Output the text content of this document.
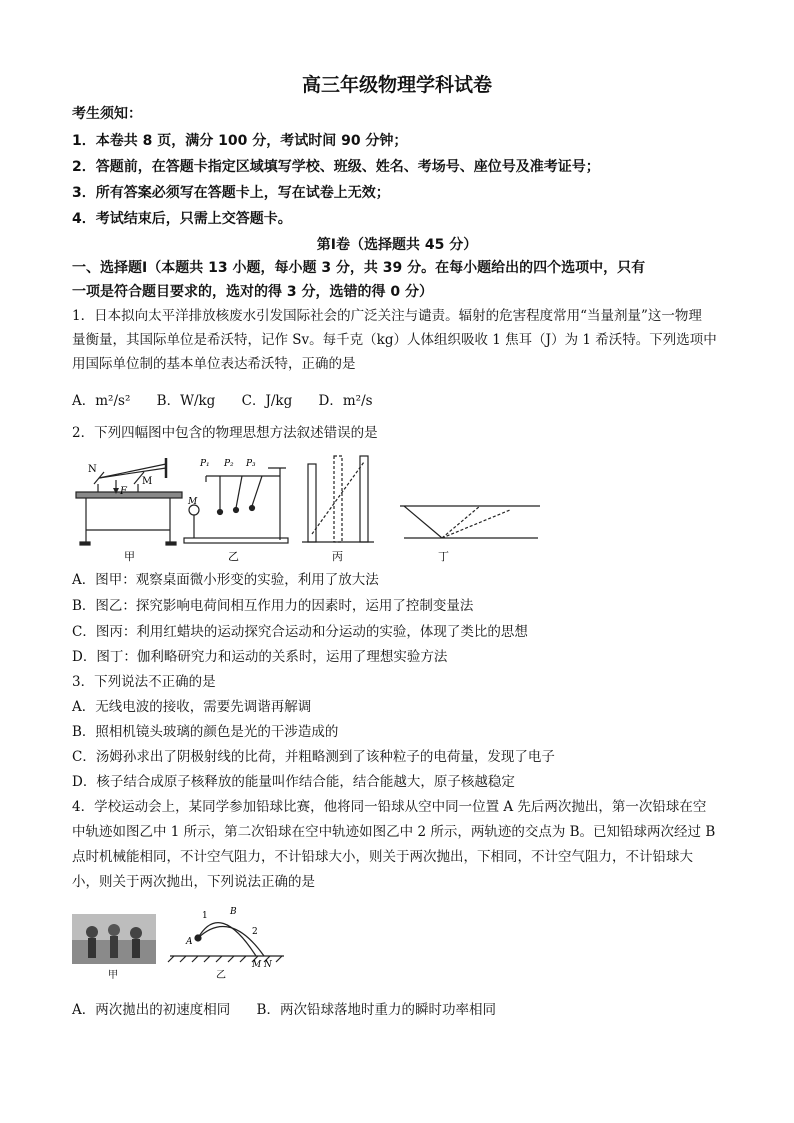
高三年级物理学科试卷
考生须知：
1．本卷共 8 页，满分 100 分，考试时间 90 分钟；
2．答题前，在答题卡指定区域填写学校、班级、姓名、考场号、座位号及准考证号；
3．所有答案必须写在答题卡上，写在试卷上无效；
4．考试结束后，只需上交答题卡。
第Ⅰ卷（选择题共 45 分）
一、选择题Ⅰ（本题共 13 小题，每小题 3 分，共 39 分。在每小题给出的四个选项中，只有
一项是符合题目要求的，选对的得 3 分，选错的得 0 分）
1．日本拟向太平洋排放核废水引发国际社会的广泛关注与谴责。辐射的危害程度常用“当量剂量”这一物理
量衡量，其国际单位是希沃特，记作 Sv。每千克（kg）人体组织吸收 1 焦耳（J）为 1 希沃特。下列选项中
用国际单位制的基本单位表达希沃特，正确的是
A．m²/s² B．W/kg C．J/kg D．m²/s
2．下列四幅图中包含的物理思想方法叙述错误的是
N
M
F
甲
P₁ P₂ P₃
M
乙	丙	丁
A．图甲：观察桌面微小形变的实验，利用了放大法
B．图乙：探究影响电荷间相互作用力的因素时，运用了控制变量法
C．图丙：利用红蜡块的运动探究合运动和分运动的实验，体现了类比的思想
D．图丁：伽利略研究力和运动的关系时，运用了理想实验方法
3．下列说法不正确的是
A．无线电波的接收，需要先调谐再解调
B．照相机镜头玻璃的颜色是光的干涉造成的
C．汤姆孙求出了阴极射线的比荷，并粗略测到了该种粒子的电荷量，发现了电子
D．核子结合成原子核释放的能量叫作结合能，结合能越大，原子核越稳定
4．学校运动会上，某同学参加铅球比赛，他将同一铅球从空中同一位置 A 先后两次抛出，第一次铅球在空
中轨迹如图乙中 1 所示，第二次铅球在空中轨迹如图乙中 2 所示，两轨迹的交点为 B。已知铅球两次经过 B
点时机械能相同，不计空气阻力，不计铅球大小，则关于两次抛出，下相同，不计空气阻力，不计铅球大
小，则关于两次抛出，下列说法正确的是
甲
1
2
A
B
M N
乙
A．两次拋出的初速度相同 B．两次铅球落地时重力的瞬时功率相同
